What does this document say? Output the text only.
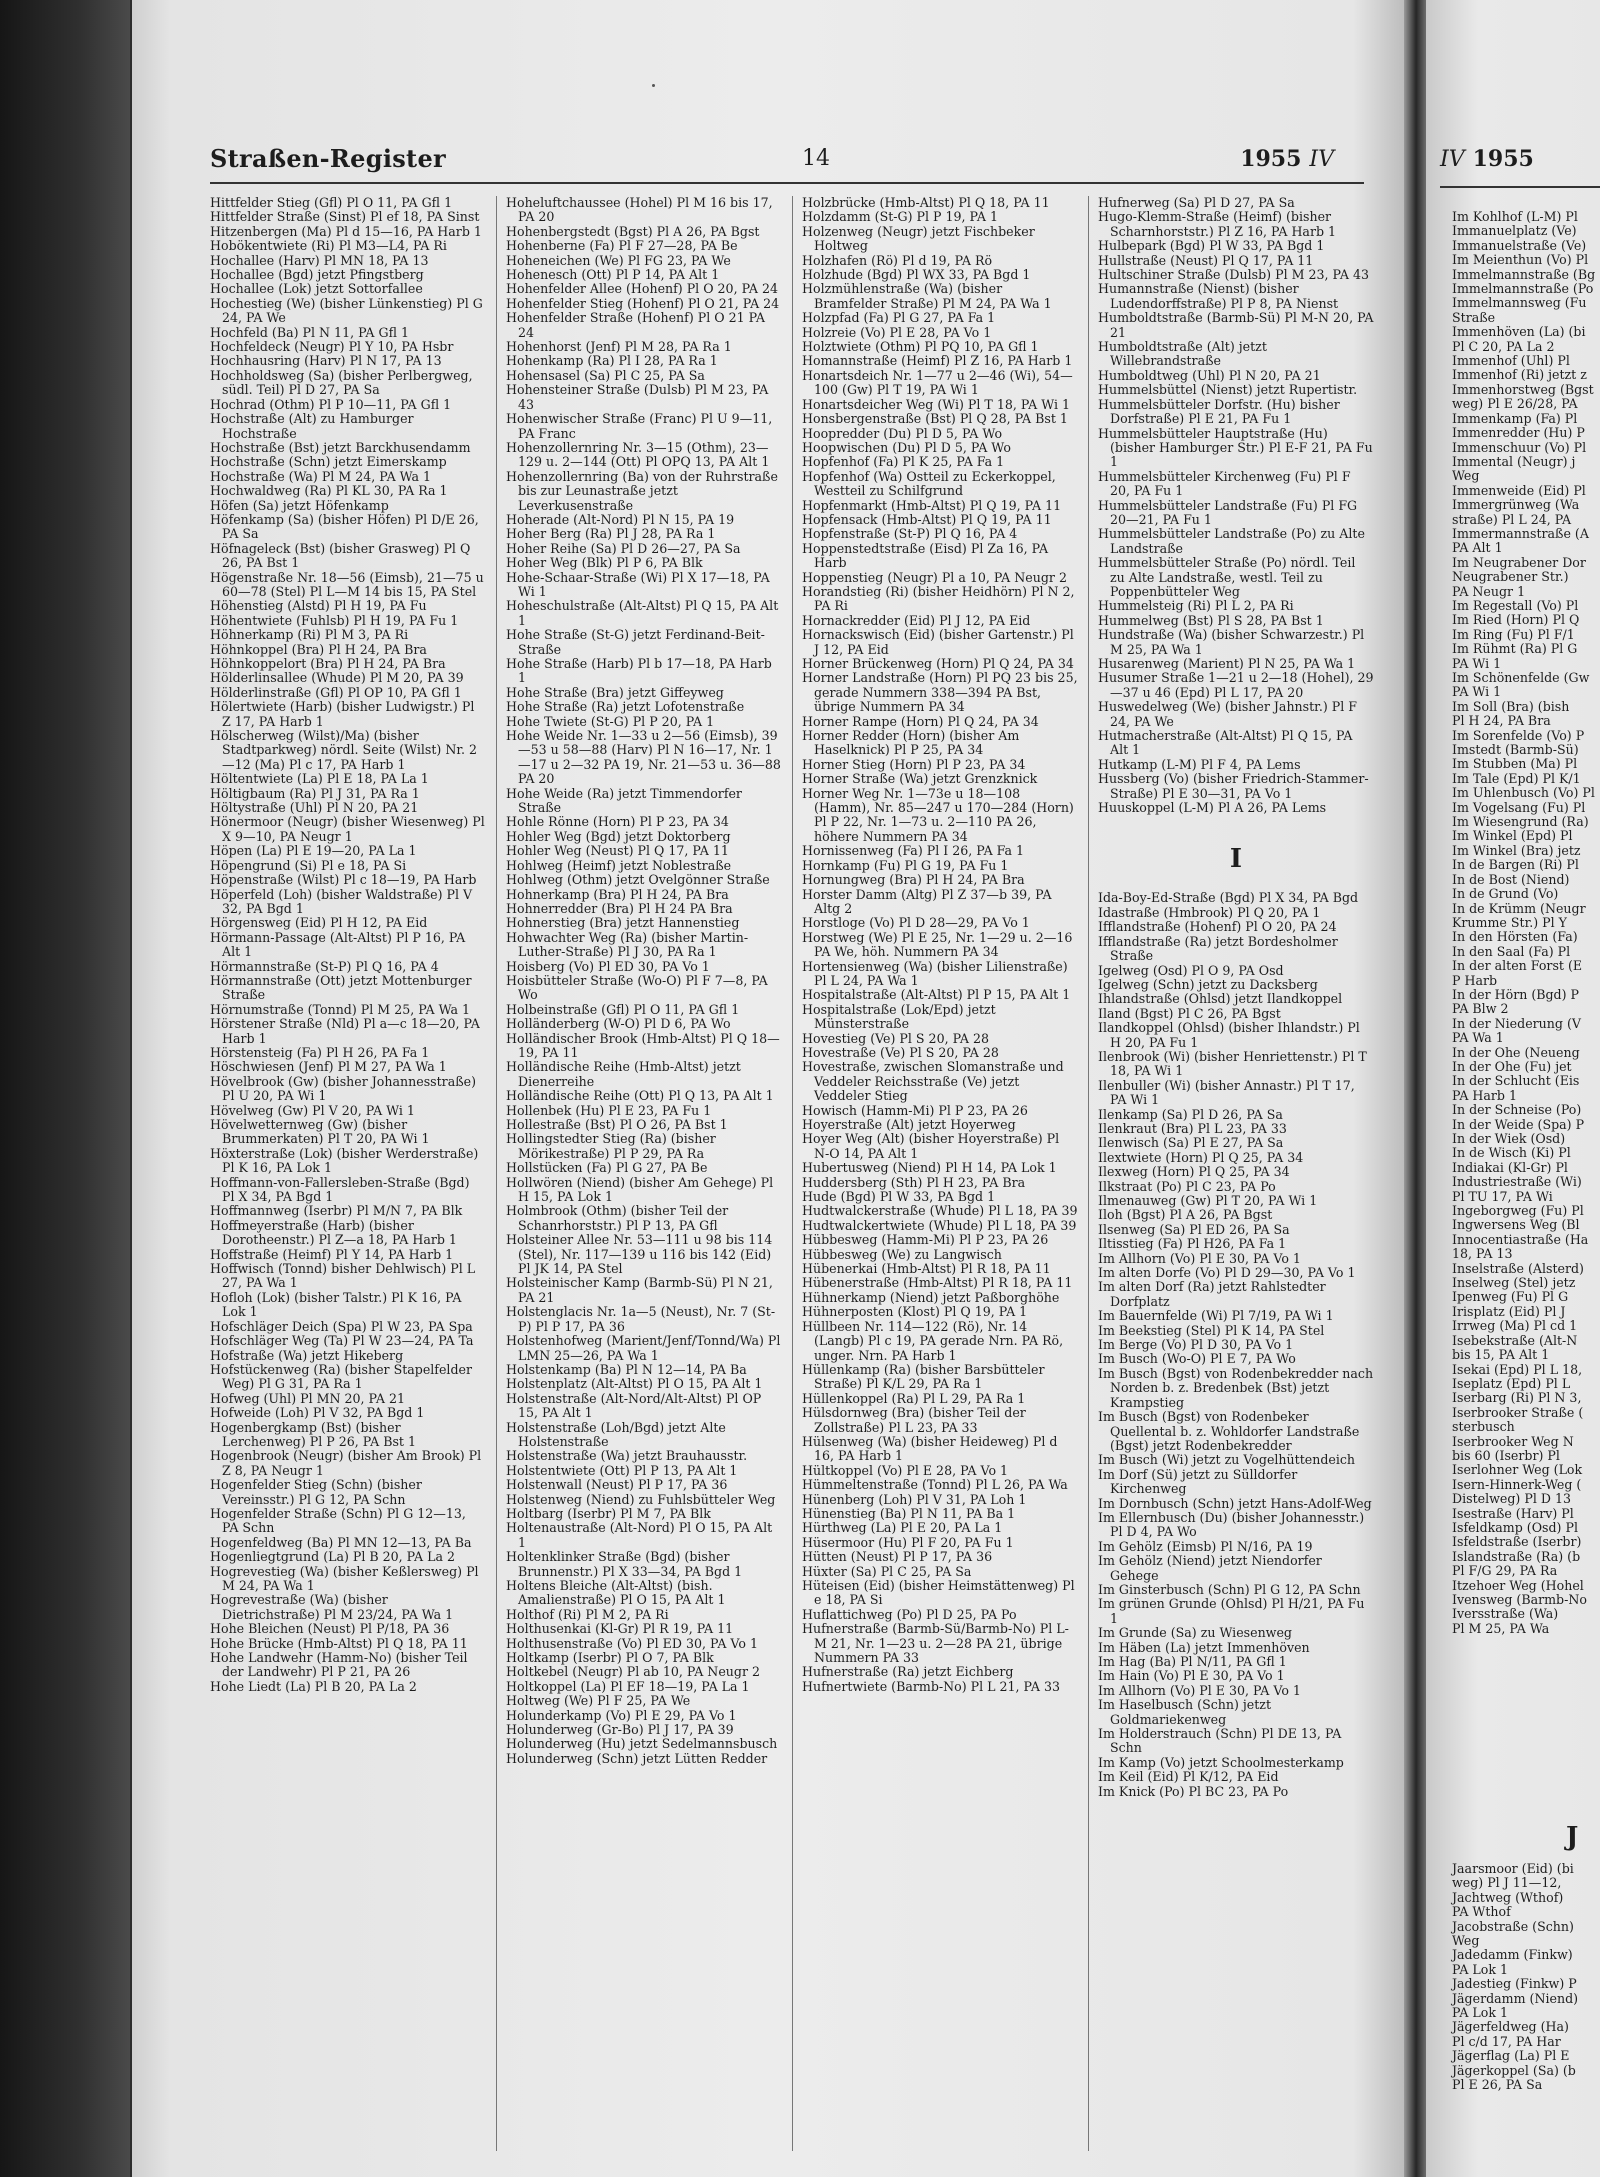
Straßen-Register	14	1955 IV

Hittfelder Stieg (Gfl) Pl O 11, PA Gfl 1

Hittfelder Straße (Sinst) Pl ef 18, PA Sinst

Hitzenbergen (Ma) Pl d 15—16, PA Harb 1

Hobökentwiete (Ri) Pl M3—L4, PA Ri

Hochallee (Harv) Pl MN 18, PA 13

Hochallee (Bgd) jetzt Pfingstberg

Hochallee (Lok) jetzt Sottorfallee

Hochestieg (We) (bisher Lünkenstieg) Pl G 24, PA We

Hochfeld (Ba) Pl N 11, PA Gfl 1

Hochfeldeck (Neugr) Pl Y 10, PA Hsbr

Hochhausring (Harv) Pl N 17, PA 13

Hochholdsweg (Sa) (bisher Perlbergweg, südl. Teil) Pl D 27, PA Sa

Hochrad (Othm) Pl P 10—11, PA Gfl 1

Hochstraße (Alt) zu Hamburger Hochstraße

Hochstraße (Bst) jetzt Barckhusendamm

Hochstraße (Schn) jetzt Eimerskamp

Hochstraße (Wa) Pl M 24, PA Wa 1

Hochwaldweg (Ra) Pl KL 30, PA Ra 1

Höfen (Sa) jetzt Höfenkamp

Höfenkamp (Sa) (bisher Höfen) Pl D/E 26, PA Sa

Höfnageleck (Bst) (bisher Grasweg) Pl Q 26, PA Bst 1

Högenstraße Nr. 18—56 (Eimsb), 21—75 u 60—78 (Stel) Pl L—M 14 bis 15, PA Stel

Höhenstieg (Alstd) Pl H 19, PA Fu

Höhentwiete (Fuhlsb) Pl H 19, PA Fu 1

Höhnerkamp (Ri) Pl M 3, PA Ri

Höhnkoppel (Bra) Pl H 24, PA Bra

Höhnkoppelort (Bra) Pl H 24, PA Bra

Hölderlinsallee (Whude) Pl M 20, PA 39

Hölderlinstraße (Gfl) Pl OP 10, PA Gfl 1

Hölertwiete (Harb) (bisher Ludwigstr.) Pl Z 17, PA Harb 1

Hölscherweg (Wilst)/Ma) (bisher Stadtparkweg) nördl. Seite (Wilst) Nr. 2—12 (Ma) Pl c 17, PA Harb 1

Höltentwiete (La) Pl E 18, PA La 1

Höltigbaum (Ra) Pl J 31, PA Ra 1

Höltystraße (Uhl) Pl N 20, PA 21

Hönermoor (Neugr) (bisher Wiesenweg) Pl X 9—10, PA Neugr 1

Höpen (La) Pl E 19—20, PA La 1

Höpengrund (Si) Pl e 18, PA Si

Höpenstraße (Wilst) Pl c 18—19, PA Harb

Höperfeld (Loh) (bisher Waldstraße) Pl V 32, PA Bgd 1

Hörgensweg (Eid) Pl H 12, PA Eid

Hörmann-Passage (Alt-Altst) Pl P 16, PA Alt 1

Hörmannstraße (St-P) Pl Q 16, PA 4

Hörmannstraße (Ott) jetzt Mottenburger Straße

Hörnumstraße (Tonnd) Pl M 25, PA Wa 1

Hörstener Straße (Nld) Pl a—c 18—20, PA Harb 1

Hörstensteig (Fa) Pl H 26, PA Fa 1

Höschwiesen (Jenf) Pl M 27, PA Wa 1

Hövelbrook (Gw) (bisher Johannesstraße) Pl U 20, PA Wi 1

Hövelweg (Gw) Pl V 20, PA Wi 1

Hövelwetternweg (Gw) (bisher Brummerkaten) Pl T 20, PA Wi 1

Höxterstraße (Lok) (bisher Werderstraße) Pl K 16, PA Lok 1

Hoffmann-von-Fallersleben-Straße (Bgd) Pl X 34, PA Bgd 1

Hoffmannweg (Iserbr) Pl M/N 7, PA Blk

Hoffmeyerstraße (Harb) (bisher Dorotheenstr.) Pl Z—a 18, PA Harb 1

Hoffstraße (Heimf) Pl Y 14, PA Harb 1

Hoffwisch (Tonnd) bisher Dehlwisch) Pl L 27, PA Wa 1

Hofloh (Lok) (bisher Talstr.) Pl K 16, PA Lok 1

Hofschläger Deich (Spa) Pl W 23, PA Spa

Hofschläger Weg (Ta) Pl W 23—24, PA Ta

Hofstraße (Wa) jetzt Hikeberg

Hofstückenweg (Ra) (bisher Stapelfelder Weg) Pl G 31, PA Ra 1

Hofweg (Uhl) Pl MN 20, PA 21

Hofweide (Loh) Pl V 32, PA Bgd 1

Hogenbergkamp (Bst) (bisher Lerchenweg) Pl P 26, PA Bst 1

Hogenbrook (Neugr) (bisher Am Brook) Pl Z 8, PA Neugr 1

Hogenfelder Stieg (Schn) (bisher Vereinsstr.) Pl G 12, PA Schn

Hogenfelder Straße (Schn) Pl G 12—13, PA Schn

Hogenfeldweg (Ba) Pl MN 12—13, PA Ba

Hogenliegtgrund (La) Pl B 20, PA La 2

Hogrevestieg (Wa) (bisher Keßlersweg) Pl M 24, PA Wa 1

Hogrevestraße (Wa) (bisher Dietrichstraße) Pl M 23/24, PA Wa 1

Hohe Bleichen (Neust) Pl P/18, PA 36

Hohe Brücke (Hmb-Altst) Pl Q 18, PA 11

Hohe Landwehr (Hamm-No) (bisher Teil der Landwehr) Pl P 21, PA 26

Hohe Liedt (La) Pl B 20, PA La 2

Hoheluftchaussee (Hohel) Pl M 16 bis 17, PA 20

Hohenbergstedt (Bgst) Pl A 26, PA Bgst

Hohenberne (Fa) Pl F 27—28, PA Be

Hoheneichen (We) Pl FG 23, PA We

Hohenesch (Ott) Pl P 14, PA Alt 1

Hohenfelder Allee (Hohenf) Pl O 20, PA 24

Hohenfelder Stieg (Hohenf) Pl O 21, PA 24

Hohenfelder Straße (Hohenf) Pl O 21 PA 24

Hohenhorst (Jenf) Pl M 28, PA Ra 1

Hohenkamp (Ra) Pl I 28, PA Ra 1

Hohensasel (Sa) Pl C 25, PA Sa

Hohensteiner Straße (Dulsb) Pl M 23, PA 43

Hohenwischer Straße (Franc) Pl U 9—11, PA Franc

Hohenzollernring Nr. 3—15 (Othm), 23—129 u. 2—144 (Ott) Pl OPQ 13, PA Alt 1

Hohenzollernring (Ba) von der Ruhrstraße bis zur Leunastraße jetzt Leverkusenstraße

Hoherade (Alt-Nord) Pl N 15, PA 19

Hoher Berg (Ra) Pl J 28, PA Ra 1

Hoher Reihe (Sa) Pl D 26—27, PA Sa

Hoher Weg (Blk) Pl P 6, PA Blk

Hohe-Schaar-Straße (Wi) Pl X 17—18, PA Wi 1

Hoheschulstraße (Alt-Altst) Pl Q 15, PA Alt 1

Hohe Straße (St-G) jetzt Ferdinand-Beit-Straße

Hohe Straße (Harb) Pl b 17—18, PA Harb 1

Hohe Straße (Bra) jetzt Giffeyweg

Hohe Straße (Ra) jetzt Lofotenstraße

Hohe Twiete (St-G) Pl P 20, PA 1

Hohe Weide Nr. 1—33 u 2—56 (Eimsb), 39—53 u 58—88 (Harv) Pl N 16—17, Nr. 1—17 u 2—32 PA 19, Nr. 21—53 u. 36—88 PA 20

Hohe Weide (Ra) jetzt Timmendorfer Straße

Hohle Rönne (Horn) Pl P 23, PA 34

Hohler Weg (Bgd) jetzt Doktorberg

Hohler Weg (Neust) Pl Q 17, PA 11

Hohlweg (Heimf) jetzt Noblestraße

Hohlweg (Othm) jetzt Ovelgönner Straße

Hohnerkamp (Bra) Pl H 24, PA Bra

Hohnerredder (Bra) Pl H 24 PA Bra

Hohnerstieg (Bra) jetzt Hannenstieg

Hohwachter Weg (Ra) (bisher Martin-Luther-Straße) Pl J 30, PA Ra 1

Hoisberg (Vo) Pl ED 30, PA Vo 1

Hoisbütteler Straße (Wo-O) Pl F 7—8, PA Wo

Holbeinstraße (Gfl) Pl O 11, PA Gfl 1

Holländerberg (W-O) Pl D 6, PA Wo

Holländischer Brook (Hmb-Altst) Pl Q 18—19, PA 11

Holländische Reihe (Hmb-Altst) jetzt Dienerreihe

Holländische Reihe (Ott) Pl Q 13, PA Alt 1

Hollenbek (Hu) Pl E 23, PA Fu 1

Hollestraße (Bst) Pl O 26, PA Bst 1

Hollingstedter Stieg (Ra) (bisher Mörikestraße) Pl P 29, PA Ra

Hollstücken (Fa) Pl G 27, PA Be

Hollwören (Niend) (bisher Am Gehege) Pl H 15, PA Lok 1

Holmbrook (Othm) (bisher Teil der Schanrhorststr.) Pl P 13, PA Gfl

Holsteiner Allee Nr. 53—111 u 98 bis 114 (Stel), Nr. 117—139 u 116 bis 142 (Eid) Pl JK 14, PA Stel

Holsteinischer Kamp (Barmb-Sü) Pl N 21, PA 21

Holstenglacis Nr. 1a—5 (Neust), Nr. 7 (St-P) Pl P 17, PA 36

Holstenhofweg (Marient/Jenf/Tonnd/Wa) Pl LMN 25—26, PA Wa 1

Holstenkamp (Ba) Pl N 12—14, PA Ba

Holstenplatz (Alt-Altst) Pl O 15, PA Alt 1

Holstenstraße (Alt-Nord/Alt-Altst) Pl OP 15, PA Alt 1

Holstenstraße (Loh/Bgd) jetzt Alte Holstenstraße

Holstenstraße (Wa) jetzt Brauhausstr.

Holstentwiete (Ott) Pl P 13, PA Alt 1

Holstenwall (Neust) Pl P 17, PA 36

Holstenweg (Niend) zu Fuhlsbütteler Weg

Holtbarg (Iserbr) Pl M 7, PA Blk

Holtenaustraße (Alt-Nord) Pl O 15, PA Alt 1

Holtenklinker Straße (Bgd) (bisher Brunnenstr.) Pl X 33—34, PA Bgd 1

Holtens Bleiche (Alt-Altst) (bish. Amalienstraße) Pl O 15, PA Alt 1

Holthof (Ri) Pl M 2, PA Ri

Holthusenkai (Kl-Gr) Pl R 19, PA 11

Holthusenstraße (Vo) Pl ED 30, PA Vo 1

Holtkamp (Iserbr) Pl O 7, PA Blk

Holtkebel (Neugr) Pl ab 10, PA Neugr 2

Holtkoppel (La) Pl EF 18—19, PA La 1

Holtweg (We) Pl F 25, PA We

Holunderkamp (Vo) Pl E 29, PA Vo 1

Holunderweg (Gr-Bo) Pl J 17, PA 39

Holunderweg (Hu) jetzt Sedelmannsbusch

Holunderweg (Schn) jetzt Lütten Redder

Holzbrücke (Hmb-Altst) Pl Q 18, PA 11

Holzdamm (St-G) Pl P 19, PA 1

Holzenweg (Neugr) jetzt Fischbeker Holtweg

Holzhafen (Rö) Pl d 19, PA Rö

Holzhude (Bgd) Pl WX 33, PA Bgd 1

Holzmühlenstraße (Wa) (bisher Bramfelder Straße) Pl M 24, PA Wa 1

Holzpfad (Fa) Pl G 27, PA Fa 1

Holzreie (Vo) Pl E 28, PA Vo 1

Holztwiete (Othm) Pl PQ 10, PA Gfl 1

Homannstraße (Heimf) Pl Z 16, PA Harb 1

Honartsdeich Nr. 1—77 u 2—46 (Wi), 54—100 (Gw) Pl T 19, PA Wi 1

Honartsdeicher Weg (Wi) Pl T 18, PA Wi 1

Honsbergenstraße (Bst) Pl Q 28, PA Bst 1

Hoopredder (Du) Pl D 5, PA Wo

Hoopwischen (Du) Pl D 5, PA Wo

Hopfenhof (Fa) Pl K 25, PA Fa 1

Hopfenhof (Wa) Ostteil zu Eckerkoppel, Westteil zu Schilfgrund

Hopfenmarkt (Hmb-Altst) Pl Q 19, PA 11

Hopfensack (Hmb-Altst) Pl Q 19, PA 11

Hopfenstraße (St-P) Pl Q 16, PA 4

Hoppenstedtstraße (Eisd) Pl Za 16, PA Harb

Hoppenstieg (Neugr) Pl a 10, PA Neugr 2

Horandstieg (Ri) (bisher Heidhörn) Pl N 2, PA Ri

Hornackredder (Eid) Pl J 12, PA Eid

Hornackswisch (Eid) (bisher Gartenstr.) Pl J 12, PA Eid

Horner Brückenweg (Horn) Pl Q 24, PA 34

Horner Landstraße (Horn) Pl PQ 23 bis 25, gerade Nummern 338—394 PA Bst, übrige Nummern PA 34

Horner Rampe (Horn) Pl Q 24, PA 34

Horner Redder (Horn) (bisher Am Haselknick) Pl P 25, PA 34

Horner Stieg (Horn) Pl P 23, PA 34

Horner Straße (Wa) jetzt Grenzknick

Horner Weg Nr. 1—73e u 18—108 (Hamm), Nr. 85—247 u 170—284 (Horn) Pl P 22, Nr. 1—73 u. 2—110 PA 26, höhere Nummern PA 34

Hornissenweg (Fa) Pl I 26, PA Fa 1

Hornkamp (Fu) Pl G 19, PA Fu 1

Hornungweg (Bra) Pl H 24, PA Bra

Horster Damm (Altg) Pl Z 37—b 39, PA Altg 2

Horstloge (Vo) Pl D 28—29, PA Vo 1

Horstweg (We) Pl E 25, Nr. 1—29 u. 2—16 PA We, höh. Nummern PA 34

Hortensienweg (Wa) (bisher Lilienstraße) Pl L 24, PA Wa 1

Hospitalstraße (Alt-Altst) Pl P 15, PA Alt 1

Hospitalstraße (Lok/Epd) jetzt Münsterstraße

Hovestieg (Ve) Pl S 20, PA 28

Hovestraße (Ve) Pl S 20, PA 28

Hovestraße, zwischen Slomanstraße und Veddeler Reichsstraße (Ve) jetzt Veddeler Stieg

Howisch (Hamm-Mi) Pl P 23, PA 26

Hoyerstraße (Alt) jetzt Hoyerweg

Hoyer Weg (Alt) (bisher Hoyerstraße) Pl N-O 14, PA Alt 1

Hubertusweg (Niend) Pl H 14, PA Lok 1

Huddersberg (Sth) Pl H 23, PA Bra

Hude (Bgd) Pl W 33, PA Bgd 1

Hudtwalckerstraße (Whude) Pl L 18, PA 39

Hudtwalckertwiete (Whude) Pl L 18, PA 39

Hübbesweg (Hamm-Mi) Pl P 23, PA 26

Hübbesweg (We) zu Langwisch

Hübenerkai (Hmb-Altst) Pl R 18, PA 11

Hübenerstraße (Hmb-Altst) Pl R 18, PA 11

Hühnerkamp (Niend) jetzt Paßborghöhe

Hühnerposten (Klost) Pl Q 19, PA 1

Hüllbeen Nr. 114—122 (Rö), Nr. 14 (Langb) Pl c 19, PA gerade Nrn. PA Rö, unger. Nrn. PA Harb 1

Hüllenkamp (Ra) (bisher Barsbütteler Straße) Pl K/L 29, PA Ra 1

Hüllenkoppel (Ra) Pl L 29, PA Ra 1

Hülsdornweg (Bra) (bisher Teil der Zollstraße) Pl L 23, PA 33

Hülsenweg (Wa) (bisher Heideweg) Pl d 16, PA Harb 1

Hültkoppel (Vo) Pl E 28, PA Vo 1

Hümmeltenstraße (Tonnd) Pl L 26, PA Wa

Hünenberg (Loh) Pl V 31, PA Loh 1

Hünenstieg (Ba) Pl N 11, PA Ba 1

Hürthweg (La) Pl E 20, PA La 1

Hüsermoor (Hu) Pl F 20, PA Fu 1

Hütten (Neust) Pl P 17, PA 36

Hüxter (Sa) Pl C 25, PA Sa

Hüteisen (Eid) (bisher Heimstättenweg) Pl e 18, PA Si

Huflattichweg (Po) Pl D 25, PA Po

Hufnerstraße (Barmb-Sü/Barmb-No) Pl L-M 21, Nr. 1—23 u. 2—28 PA 21, übrige Nummern PA 33

Hufnerstraße (Ra) jetzt Eichberg

Hufnertwiete (Barmb-No) Pl L 21, PA 33

Hufnerweg (Sa) Pl D 27, PA Sa

Hugo-Klemm-Straße (Heimf) (bisher Scharnhorststr.) Pl Z 16, PA Harb 1

Hulbepark (Bgd) Pl W 33, PA Bgd 1

Hullstraße (Neust) Pl Q 17, PA 11

Hultschiner Straße (Dulsb) Pl M 23, PA 43

Humannstraße (Nienst) (bisher Ludendorffstraße) Pl P 8, PA Nienst

Humboldtstraße (Barmb-Sü) Pl M-N 20, PA 21

Humboldtstraße (Alt) jetzt Willebrandstraße

Humboldtweg (Uhl) Pl N 20, PA 21

Hummelsbüttel (Nienst) jetzt Rupertistr.

Hummelsbütteler Dorfstr. (Hu) bisher Dorfstraße) Pl E 21, PA Fu 1

Hummelsbütteler Hauptstraße (Hu) (bisher Hamburger Str.) Pl E-F 21, PA Fu 1

Hummelsbütteler Kirchenweg (Fu) Pl F 20, PA Fu 1

Hummelsbütteler Landstraße (Fu) Pl FG 20—21, PA Fu 1

Hummelsbütteler Landstraße (Po) zu Alte Landstraße

Hummelsbütteler Straße (Po) nördl. Teil zu Alte Landstraße, westl. Teil zu Poppenbütteler Weg

Hummelsteig (Ri) Pl L 2, PA Ri

Hummelweg (Bst) Pl S 28, PA Bst 1

Hundstraße (Wa) (bisher Schwarzestr.) Pl M 25, PA Wa 1

Husarenweg (Marient) Pl N 25, PA Wa 1

Husumer Straße 1—21 u 2—18 (Hohel), 29—37 u 46 (Epd) Pl L 17, PA 20

Huswedelweg (We) (bisher Jahnstr.) Pl F 24, PA We

Hutmacherstraße (Alt-Altst) Pl Q 15, PA Alt 1

Hutkamp (L-M) Pl F 4, PA Lems

Hussberg (Vo) (bisher Friedrich-Stammer-Straße) Pl E 30—31, PA Vo 1

Huuskoppel (L-M) Pl A 26, PA Lems

I

Ida-Boy-Ed-Straße (Bgd) Pl X 34, PA Bgd

Idastraße (Hmbrook) Pl Q 20, PA 1

Ifflandstraße (Hohenf) Pl O 20, PA 24

Ifflandstraße (Ra) jetzt Bordesholmer Straße

Igelweg (Osd) Pl O 9, PA Osd

Igelweg (Schn) jetzt zu Dacksberg

Ihlandstraße (Ohlsd) jetzt Ilandkoppel

Iland (Bgst) Pl C 26, PA Bgst

Ilandkoppel (Ohlsd) (bisher Ihlandstr.) Pl H 20, PA Fu 1

Ilenbrook (Wi) (bisher Henriettenstr.) Pl T 18, PA Wi 1

Ilenbuller (Wi) (bisher Annastr.) Pl T 17, PA Wi 1

Ilenkamp (Sa) Pl D 26, PA Sa

Ilenkraut (Bra) Pl L 23, PA 33

Ilenwisch (Sa) Pl E 27, PA Sa

Ilextwiete (Horn) Pl Q 25, PA 34

Ilexweg (Horn) Pl Q 25, PA 34

Ilkstraat (Po) Pl C 23, PA Po

Ilmenauweg (Gw) Pl T 20, PA Wi 1

Iloh (Bgst) Pl A 26, PA Bgst

Ilsenweg (Sa) Pl ED 26, PA Sa

Iltisstieg (Fa) Pl H26, PA Fa 1

Im Allhorn (Vo) Pl E 30, PA Vo 1

Im alten Dorfe (Vo) Pl D 29—30, PA Vo 1

Im alten Dorf (Ra) jetzt Rahlstedter Dorfplatz

Im Bauernfelde (Wi) Pl 7/19, PA Wi 1

Im Beekstieg (Stel) Pl K 14, PA Stel

Im Berge (Vo) Pl D 30, PA Vo 1

Im Busch (Wo-O) Pl E 7, PA Wo

Im Busch (Bgst) von Rodenbekredder nach Norden b. z. Bredenbek (Bst) jetzt Krampstieg

Im Busch (Bgst) von Rodenbeker Quellental b. z. Wohldorfer Landstraße (Bgst) jetzt Rodenbekredder

Im Busch (Wi) jetzt zu Vogelhüttendeich

Im Dorf (Sü) jetzt zu Sülldorfer Kirchenweg

Im Dornbusch (Schn) jetzt Hans-Adolf-Weg

Im Ellernbusch (Du) (bisher Johannesstr.) Pl D 4, PA Wo

Im Gehölz (Eimsb) Pl N/16, PA 19

Im Gehölz (Niend) jetzt Niendorfer Gehege

Im Ginsterbusch (Schn) Pl G 12, PA Schn

Im grünen Grunde (Ohlsd) Pl H/21, PA Fu 1

Im Grunde (Sa) zu Wiesenweg

Im Häben (La) jetzt Immenhöven

Im Hag (Ba) Pl N/11, PA Gfl 1

Im Hain (Vo) Pl E 30, PA Vo 1

Im Allhorn (Vo) Pl E 30, PA Vo 1

Im Haselbusch (Schn) jetzt Goldmariekenweg

Im Holderstrauch (Schn) Pl DE 13, PA Schn

Im Kamp (Vo) jetzt Schoolmesterkamp

Im Keil (Eid) Pl K/12, PA Eid

Im Knick (Po) Pl BC 23, PA Po

IV 1955

Im Kohlhof (L-M) Pl

Immanuelplatz (Ve)

Immanuelstraße (Ve)

Im Meienthun (Vo) Pl

Immelmannstraße (Bg

Immelmannstraße (Po

Immelmannsweg (Fu

Straße

Immenhöven (La) (bi

Pl C 20, PA La 2

Immenhof (Uhl) Pl

Immenhof (Ri) jetzt z

Immenhorstweg (Bgst

weg) Pl E 26/28, PA

Immenkamp (Fa) Pl

Immenredder (Hu) P

Immenschuur (Vo) Pl

Immental (Neugr) j

Weg

Immenweide (Eid) Pl

Immergrünweg (Wa

straße) Pl L 24, PA

Immermannstraße (A

PA Alt 1

Im Neugrabener Dor

Neugrabener Str.)

PA Neugr 1

Im Regestall (Vo) Pl

Im Ried (Horn) Pl Q

Im Ring (Fu) Pl F/1

Im Rühmt (Ra) Pl G

PA Wi 1

Im Schönenfelde (Gw

PA Wi 1

Im Soll (Bra) (bish

Pl H 24, PA Bra

Im Sorenfelde (Vo) P

Imstedt (Barmb-Sü)

Im Stubben (Ma) Pl

Im Tale (Epd) Pl K/1

Im Uhlenbusch (Vo) Pl

Im Vogelsang (Fu) Pl

Im Wiesengrund (Ra)

Im Winkel (Epd) Pl

Im Winkel (Bra) jetz

In de Bargen (Ri) Pl

In de Bost (Niend)

In de Grund (Vo)

In de Krümm (Neugr

Krumme Str.) Pl Y

In den Hörsten (Fa)

In den Saal (Fa) Pl

In der alten Forst (E

P Harb

In der Hörn (Bgd) P

PA Blw 2

In der Niederung (V

PA Wa 1

In der Ohe (Neueng

In der Ohe (Fu) jet

In der Schlucht (Eis

PA Harb 1

In der Schneise (Po)

In der Weide (Spa) P

In der Wiek (Osd)

In de Wisch (Ki) Pl

Indiakai (Kl-Gr) Pl

Industriestraße (Wi)

Pl TU 17, PA Wi

Ingeborgweg (Fu) Pl

Ingwersens Weg (Bl

Innocentiastraße (Ha

18, PA 13

Inselstraße (Alsterd)

Inselweg (Stel) jetz

Ipenweg (Fu) Pl G

Irisplatz (Eid) Pl J

Irrweg (Ma) Pl cd 1

Isebekstraße (Alt-N

bis 15, PA Alt 1

Isekai (Epd) Pl L 18,

Iseplatz (Epd) Pl L

Iserbarg (Ri) Pl N 3,

Iserbrooker Straße (

sterbusch

Iserbrooker Weg N

bis 60 (Iserbr) Pl

Iserlohner Weg (Lok

Isern-Hinnerk-Weg (

Distelweg) Pl D 13

Isestraße (Harv) Pl

Isfeldkamp (Osd) Pl

Isfeldstraße (Iserbr)

Islandstraße (Ra) (b

Pl F/G 29, PA Ra

Itzehoer Weg (Hohel

Ivensweg (Barmb-No

Iversstraße (Wa)

Pl M 25, PA Wa

J

Jaarsmoor (Eid) (bi

weg) Pl J 11—12,

Jachtweg (Wthof)

PA Wthof

Jacobstraße (Schn)

Weg

Jadedamm (Finkw)

PA Lok 1

Jadestieg (Finkw) P

Jägerdamm (Niend)

PA Lok 1

Jägerfeldweg (Ha)

Pl c/d 17, PA Har

Jägerflag (La) Pl E

Jägerkoppel (Sa) (b

Pl E 26, PA Sa
